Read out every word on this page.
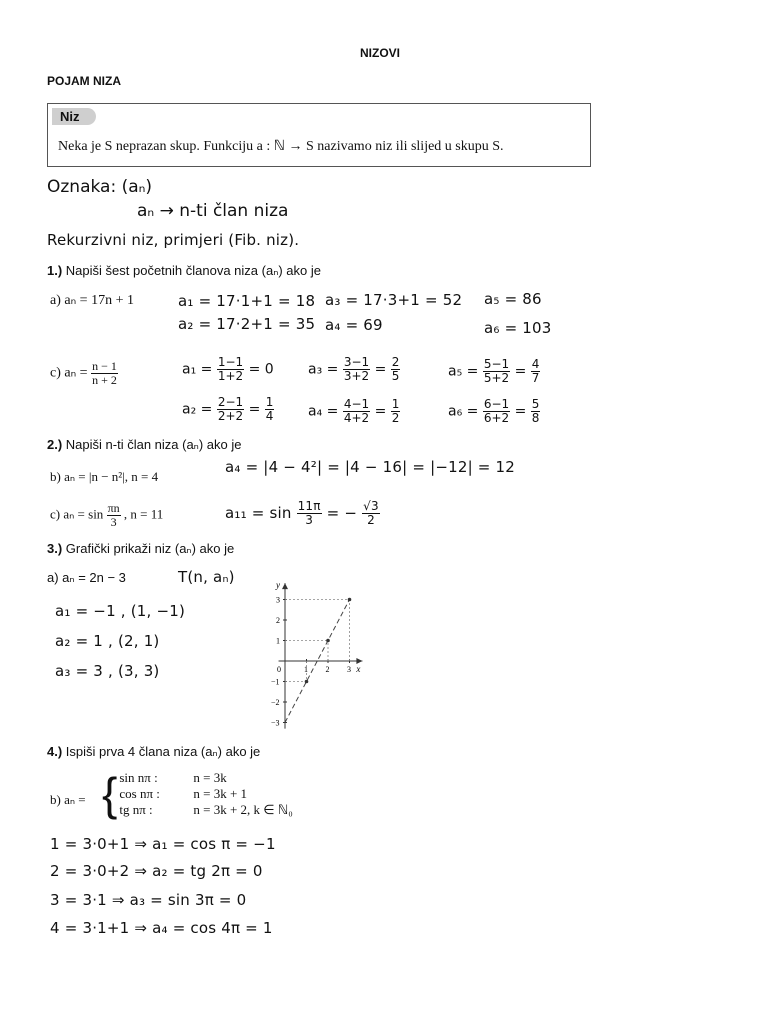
NIZOVI
POJAM NIZA
Niz
Neka je S neprazan skup. Funkciju a : ℕ → S nazivamo niz ili slijed u skupu S.
Oznaka: (aₙ)
aₙ → n-ti član niza
Rekurzivni niz, primjeri (Fib. niz).
1.) Napiši šest početnih članova niza (aₙ) ako je
a) aₙ = 17n + 1	a₁ = 17·1+1 = 18
a₂ = 17·2+1 = 35
a₃ = 17·3+1 = 52
a₄ = 69
a₅ = 86
a₆ = 103
c) $a_n = \frac{n - 1}{n + 2}$	$a_1 = \frac{1-1}{1+2} = 0$
$a_2 = \frac{2-1}{2+2} = \frac{1}{4}$
$a_3 = \frac{3-1}{3+2} = \frac{2}{5}$
$a_4 = \frac{4-1}{4+2} = \frac{1}{2}$
$a_5 = \frac{5-1}{5+2} = \frac{4}{7}$
$a_6 = \frac{6-1}{6+2} = \frac{5}{8}$
2.) Napiši n-ti član niza (aₙ) ako je
b) aₙ = |n − n²|, n = 4
a₄ = |4 − 4²| = |4 − 16| = |−12| = 12
c) $a_n = \sin \frac{\pi n}{3}$ , n = 11	$a_{11} = \sin \frac{11\pi}{3}$ = − $\frac{√3}{2}$
3.) Grafički prikaži niz (aₙ) ako je
a) aₙ = 2n − 3	T(n, aₙ)
a₁ = −1 , (1, −1)
a₂ = 1 , (2, 1)
a₃ = 3 , (3, 3)	x
y
0	1 2 3
3
2
1
−1
−2
−3
4.) Ispiši prva 4 člana niza (aₙ) ako je
b) aₙ = { sin nπ :	n = 3k
cos nπ :	n = 3k + 1
tg nπ :	n = 3k + 2, k ∈ ℕ₀
1 = 3·0+1 ⇒ a₁ = cos π = −1
2 = 3·0+2 ⇒ a₂ = tg 2π = 0
3 = 3·1 ⇒ a₃ = sin 3π = 0
4 = 3·1+1 ⇒ a₄ = cos 4π = 1
